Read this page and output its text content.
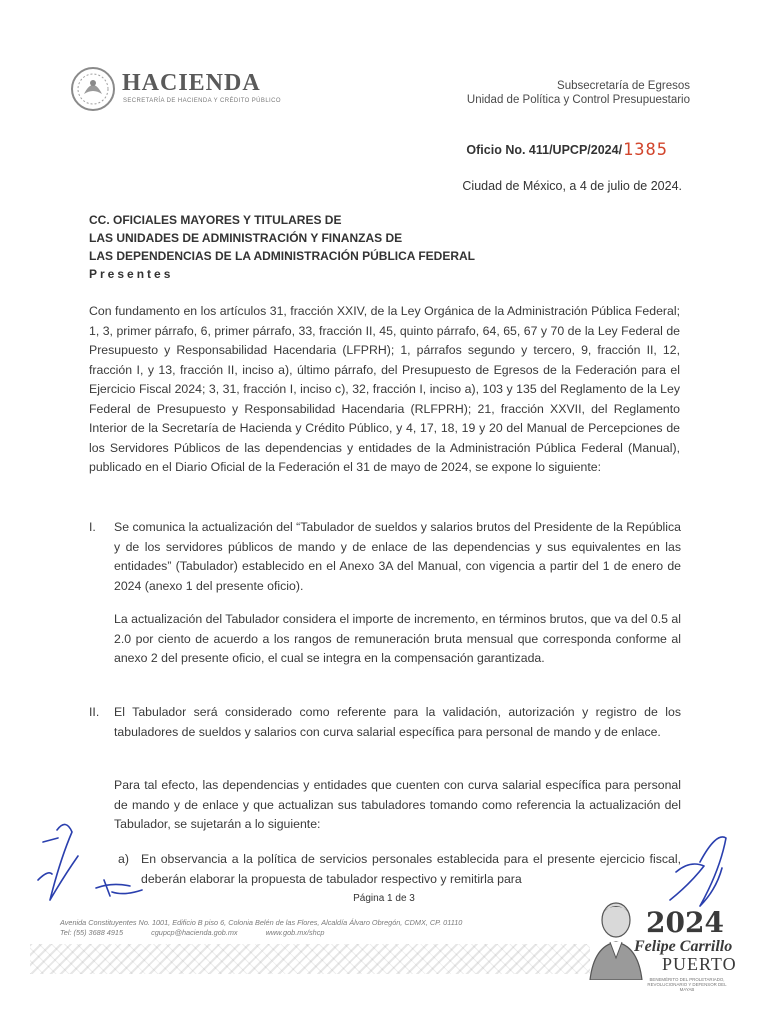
HACIENDA
SECRETARÍA DE HACIENDA Y CRÉDITO PÚBLICO
Subsecretaría de Egresos
Unidad de Política y Control Presupuestario
Oficio No. 411/UPCP/2024/1385
Ciudad de México, a 4 de julio de 2024.
CC. OFICIALES MAYORES Y TITULARES DE
LAS UNIDADES DE ADMINISTRACIÓN Y FINANZAS DE
LAS DEPENDENCIAS DE LA ADMINISTRACIÓN PÚBLICA FEDERAL
Presentes
Con fundamento en los artículos 31, fracción XXIV, de la Ley Orgánica de la Administración Pública Federal; 1, 3, primer párrafo, 6, primer párrafo, 33, fracción II, 45, quinto párrafo, 64, 65, 67 y 70 de la Ley Federal de Presupuesto y Responsabilidad Hacendaria (LFPRH); 1, párrafos segundo y tercero, 9, fracción II, 12, fracción I, y 13, fracción II, inciso a), último párrafo, del Presupuesto de Egresos de la Federación para el Ejercicio Fiscal 2024; 3, 31, fracción I, inciso c), 32, fracción I, inciso a), 103 y 135 del Reglamento de la Ley Federal de Presupuesto y Responsabilidad Hacendaria (RLFPRH); 21, fracción XXVII, del Reglamento Interior de la Secretaría de Hacienda y Crédito Público, y 4, 17, 18, 19 y 20 del Manual de Percepciones de los Servidores Públicos de las dependencias y entidades de la Administración Pública Federal (Manual), publicado en el Diario Oficial de la Federación el 31 de mayo de 2024, se expone lo siguiente:
I. Se comunica la actualización del “Tabulador de sueldos y salarios brutos del Presidente de la República y de los servidores públicos de mando y de enlace de las dependencias y sus equivalentes en las entidades” (Tabulador) establecido en el Anexo 3A del Manual, con vigencia a partir del 1 de enero de 2024 (anexo 1 del presente oficio).
La actualización del Tabulador considera el importe de incremento, en términos brutos, que va del 0.5 al 2.0 por ciento de acuerdo a los rangos de remuneración bruta mensual que corresponda conforme al anexo 2 del presente oficio, el cual se integra en la compensación garantizada.
II. El Tabulador será considerado como referente para la validación, autorización y registro de los tabuladores de sueldos y salarios con curva salarial específica para personal de mando y de enlace.
Para tal efecto, las dependencias y entidades que cuenten con curva salarial específica para personal de mando y de enlace y que actualizan sus tabuladores tomando como referencia la actualización del Tabulador, se sujetarán a lo siguiente:
a) En observancia a la política de servicios personales establecida para el presente ejercicio fiscal, deberán elaborar la propuesta de tabulador respectivo y remitirla para
Página 1 de 3
Avenida Constituyentes No. 1001, Edificio B piso 6, Colonia Belén de las Flores, Alcaldía Álvaro Obregón, CDMX, CP. 01110
Tel: (55) 3688 4915	cgupcp@hacienda.gob.mx	www.gob.mx/shcp	2024
Felipe Carrillo
PUERTO
BENEMÉRITO DEL PROLETARIADO, REVOLUCIONARIO Y DEFENSOR DEL MAYAB
